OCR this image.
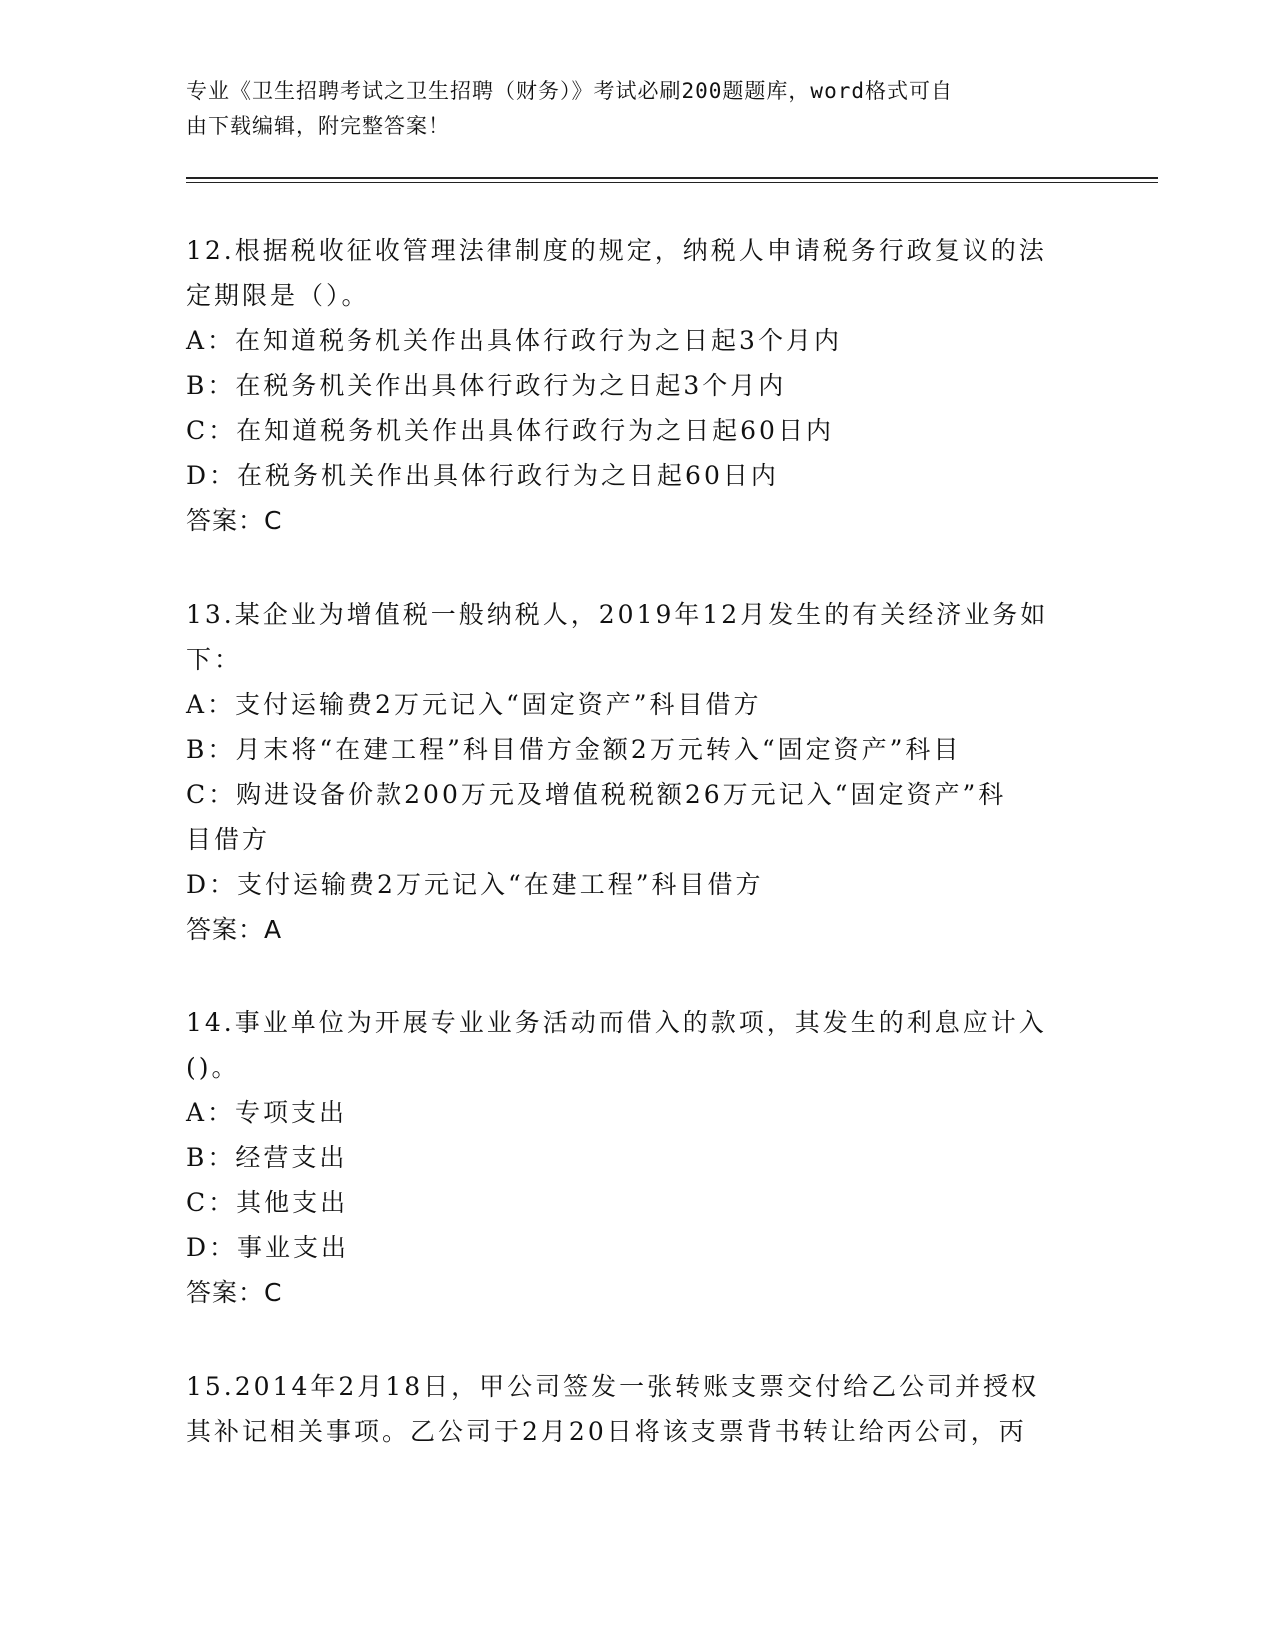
专业《卫生招聘考试之卫生招聘（财务）》考试必刷200题题库，word格式可自
由下载编辑，附完整答案！
12.根据税收征收管理法律制度的规定，纳税人申请税务行政复议的法
定期限是（）。
A：在知道税务机关作出具体行政行为之日起3个月内
B：在税务机关作出具体行政行为之日起3个月内
C：在知道税务机关作出具体行政行为之日起60日内
D：在税务机关作出具体行政行为之日起60日内
答案：C
13.某企业为增值税一般纳税人，2019年12月发生的有关经济业务如
下：
A：支付运输费2万元记入“固定资产”科目借方
B：月末将“在建工程”科目借方金额2万元转入“固定资产”科目
C：购进设备价款200万元及增值税税额26万元记入“固定资产”科
目借方
D：支付运输费2万元记入“在建工程”科目借方
答案：A
14.事业单位为开展专业业务活动而借入的款项，其发生的利息应计入
()。
A：专项支出
B：经营支出
C：其他支出
D：事业支出
答案：C
15.2014年2月18日，甲公司签发一张转账支票交付给乙公司并授权
其补记相关事项。乙公司于2月20日将该支票背书转让给丙公司，丙
